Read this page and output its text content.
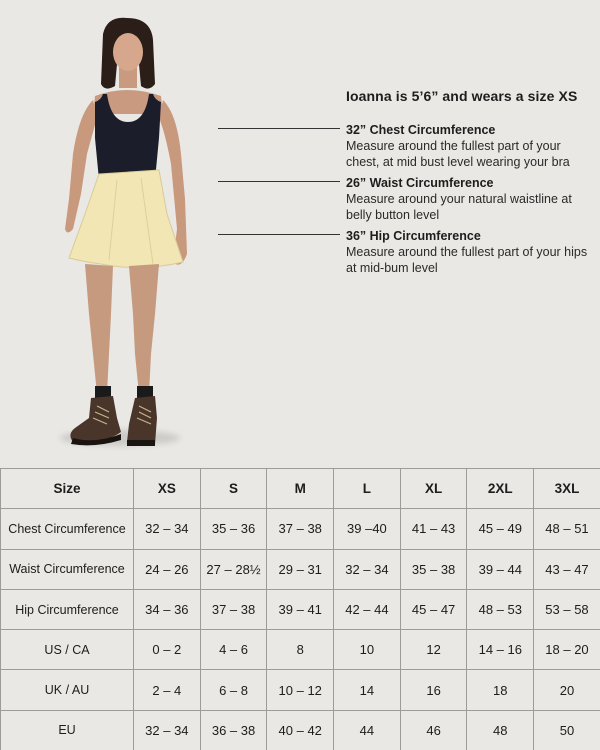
Ioanna is 5’6” and wears a size XS
32” Chest Circumference
Measure around the fullest part of your
chest, at mid bust level wearing your bra
26” Waist Circumference
Measure around your natural waistline at
belly button level
36” Hip Circumference
Measure around the fullest part of your hips
at mid-bum level
Size	XS	S	M	L	XL	2XL	3XL
Chest Circumference	32 – 34	35 – 36	37 – 38	39 –40	41 – 43	45 – 49	48 – 51
Waist Circumference	24 – 26	27 – 28½	29 – 31	32 – 34	35 – 38	39 – 44	43 – 47
Hip Circumference	34 – 36	37 – 38	39 – 41	42 – 44	45 – 47	48 – 53	53 – 58
US / CA	0 – 2	4 – 6	8	10	12	14 – 16	18 – 20
UK / AU	2 – 4	6 – 8	10 – 12	14	16	18	20
EU	32 – 34	36 – 38	40 – 42	44	46	48	50
